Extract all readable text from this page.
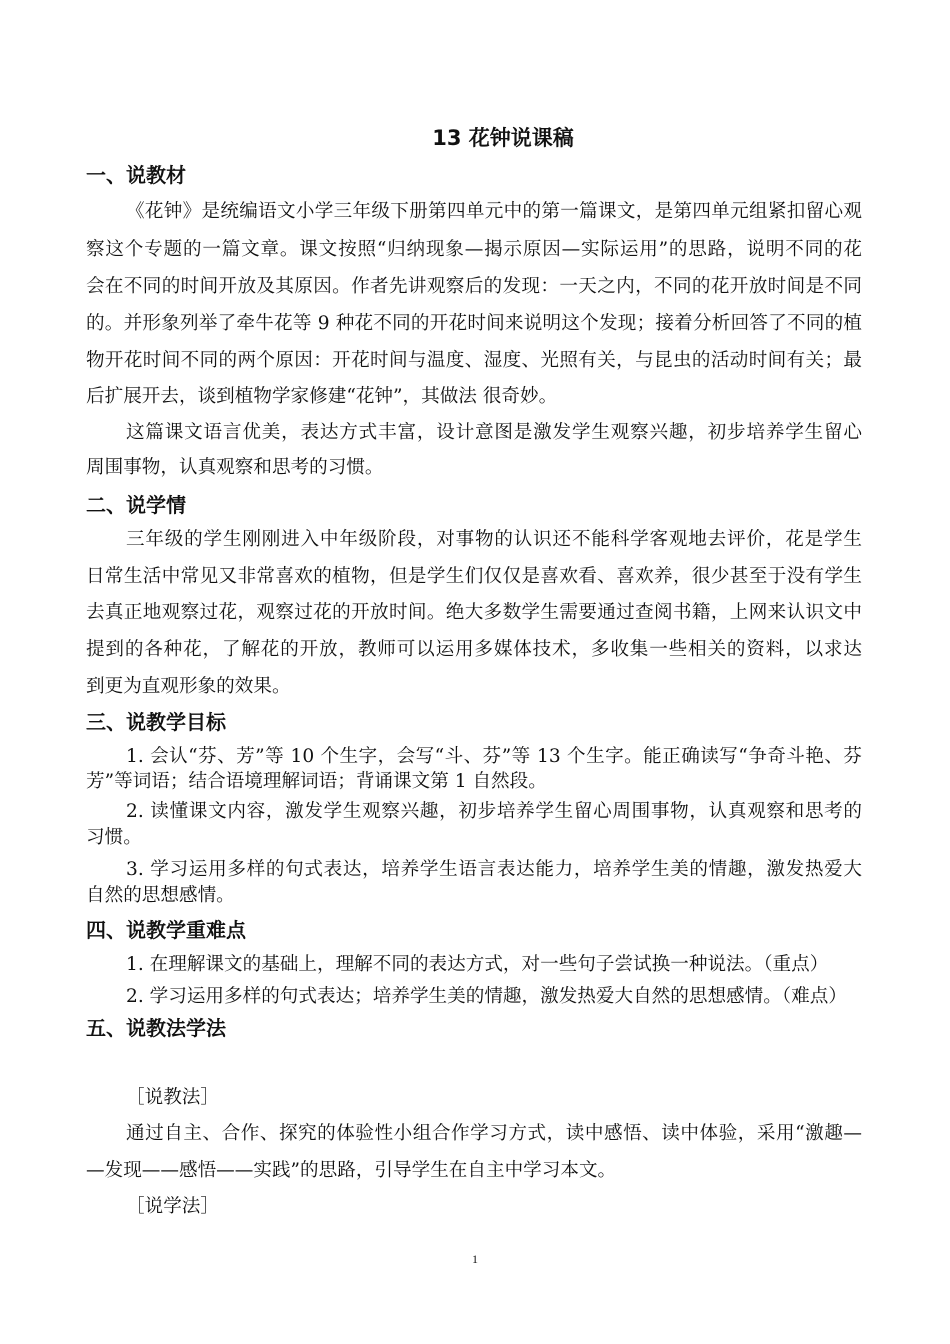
13 花钟说课稿
一、说教材
《花钟》是统编语文小学三年级下册第四单元中的第一篇课文，是第四单元组紧扣留心观
察这个专题的一篇文章。课文按照“归纳现象—揭示原因—实际运用”的思路，说明不同的花
会在不同的时间开放及其原因。作者先讲观察后的发现：一天之内，不同的花开放时间是不同
的。并形象列举了牵牛花等 9 种花不同的开花时间来说明这个发现；接着分析回答了不同的植
物开花时间不同的两个原因：开花时间与温度、湿度、光照有关，与昆虫的活动时间有关；最
后扩展开去，谈到植物学家修建“花钟”，其做法 很奇妙。
这篇课文语言优美，表达方式丰富，设计意图是激发学生观察兴趣，初步培养学生留心
周围事物，认真观察和思考的习惯。
二、说学情
三年级的学生刚刚进入中年级阶段，对事物的认识还不能科学客观地去评价，花是学生
日常生活中常见又非常喜欢的植物，但是学生们仅仅是喜欢看、喜欢养，很少甚至于没有学生
去真正地观察过花，观察过花的开放时间。绝大多数学生需要通过查阅书籍，上网来认识文中
提到的各种花，了解花的开放，教师可以运用多媒体技术，多收集一些相关的资料，以求达
到更为直观形象的效果。
三、说教学目标
1. 会认“芬、芳”等 10 个生字，会写“斗、芬”等 13 个生字。能正确读写“争奇斗艳、芬
芳”等词语；结合语境理解词语；背诵课文第 1 自然段。
2. 读懂课文内容，激发学生观察兴趣，初步培养学生留心周围事物，认真观察和思考的
习惯。
3. 学习运用多样的句式表达，培养学生语言表达能力，培养学生美的情趣，激发热爱大
自然的思想感情。
四、说教学重难点
1. 在理解课文的基础上，理解不同的表达方式，对一些句子尝试换一种说法。（重点）
2. 学习运用多样的句式表达；培养学生美的情趣，激发热爱大自然的思想感情。（难点）
五、说教法学法
［说教法］
通过自主、合作、探究的体验性小组合作学习方式，读中感悟、读中体验，采用“激趣—
—发现——感悟——实践”的思路，引导学生在自主中学习本文。
［说学法］
1
